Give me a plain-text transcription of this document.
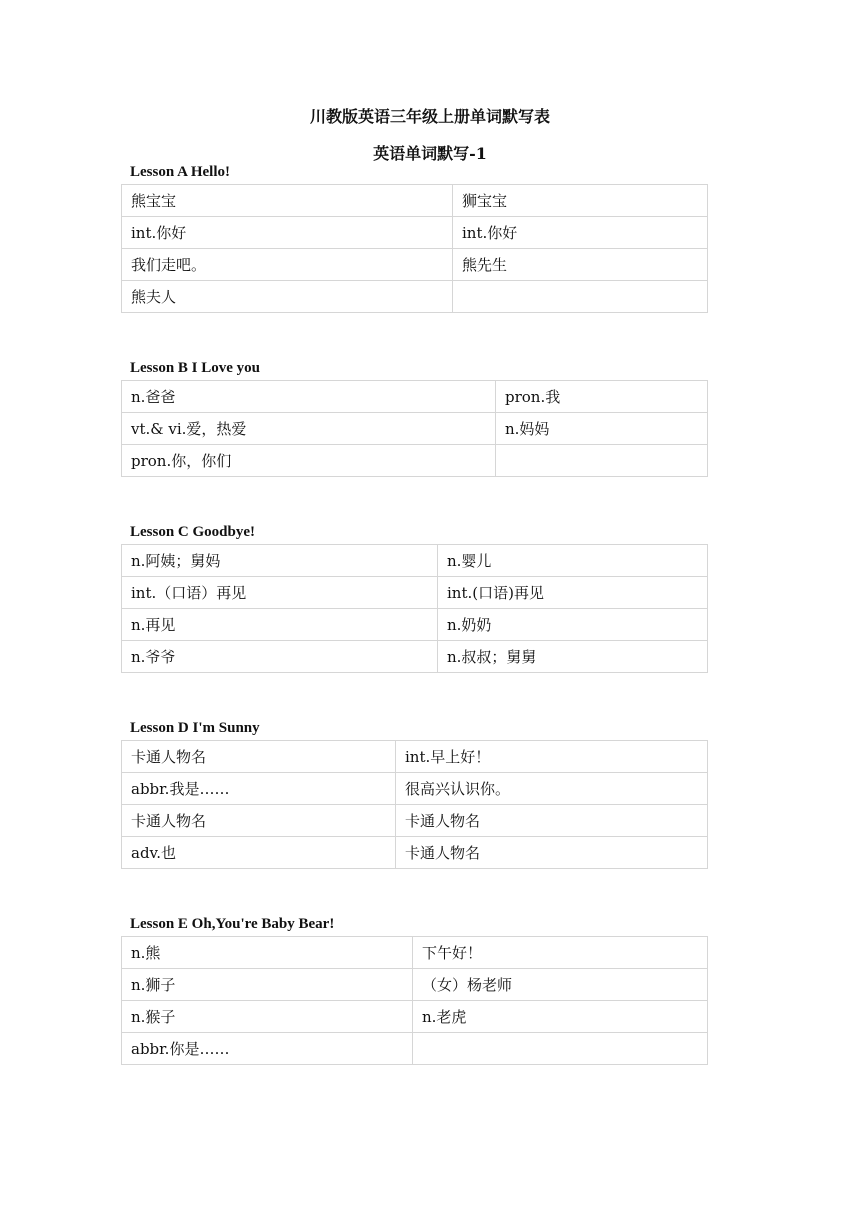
川教版英语三年级上册单词默写表
英语单词默写-1
Lesson A Hello!
熊宝宝	狮宝宝
int.你好	int.你好
我们走吧。	熊先生
熊夫人	
Lesson B I Love you
n.爸爸	pron.我
vt.& vi.爱，热爱	n.妈妈
pron.你，你们	
Lesson C Goodbye!
n.阿姨；舅妈	n.婴儿
int.（口语）再见	int.(口语)再见
n.再见	n.奶奶
n.爷爷	n.叔叔；舅舅
Lesson D I'm Sunny
卡通人物名	int.早上好！
abbr.我是……	很高兴认识你。
卡通人物名	卡通人物名
adv.也	卡通人物名
Lesson E Oh,You're Baby Bear!
n.熊	下午好！
n.狮子	（女）杨老师
n.猴子	n.老虎
abbr.你是……	
